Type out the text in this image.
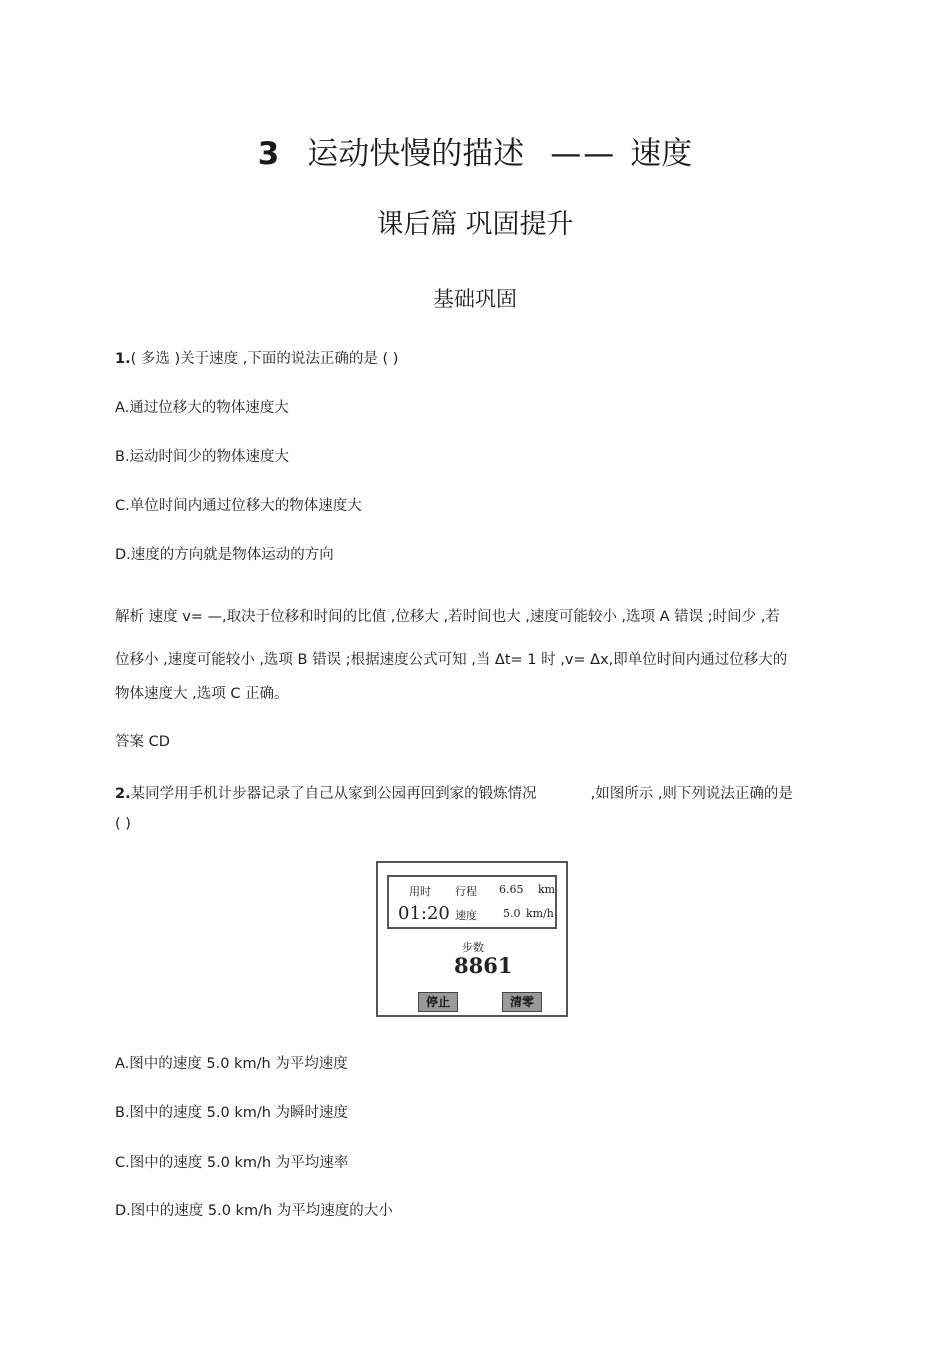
3 运动快慢的描述 —— 速度
课后篇 巩固提升
基础巩固
1.( 多选 )关于速度 ,下面的说法正确的是 ( )
A.通过位移大的物体速度大
B.运动时间少的物体速度大
C.单位时间内通过位移大的物体速度大
D.速度的方向就是物体运动的方向
解析 速度 v= —,取决于位移和时间的比值 ,位移大 ,若时间也大 ,速度可能较小 ,选项 A 错误 ;时间少 ,若
位移小 ,速度可能较小 ,选项 B 错误 ;根据速度公式可知 ,当 Δt= 1 时 ,v= Δx,即单位时间内通过位移大的
物体速度大 ,选项 C 正确。
答案 CD
2.某同学用手机计步器记录了自己从家到公园再回到家的锻炼情况	,如图所示 ,则下列说法正确的是
( )
用时 行程 6.65 km
01:20 速度 5.0 km/h
步数
8861
停止	清零
A.图中的速度 5.0 km/h 为平均速度
B.图中的速度 5.0 km/h 为瞬时速度
C.图中的速度 5.0 km/h 为平均速率
D.图中的速度 5.0 km/h 为平均速度的大小
